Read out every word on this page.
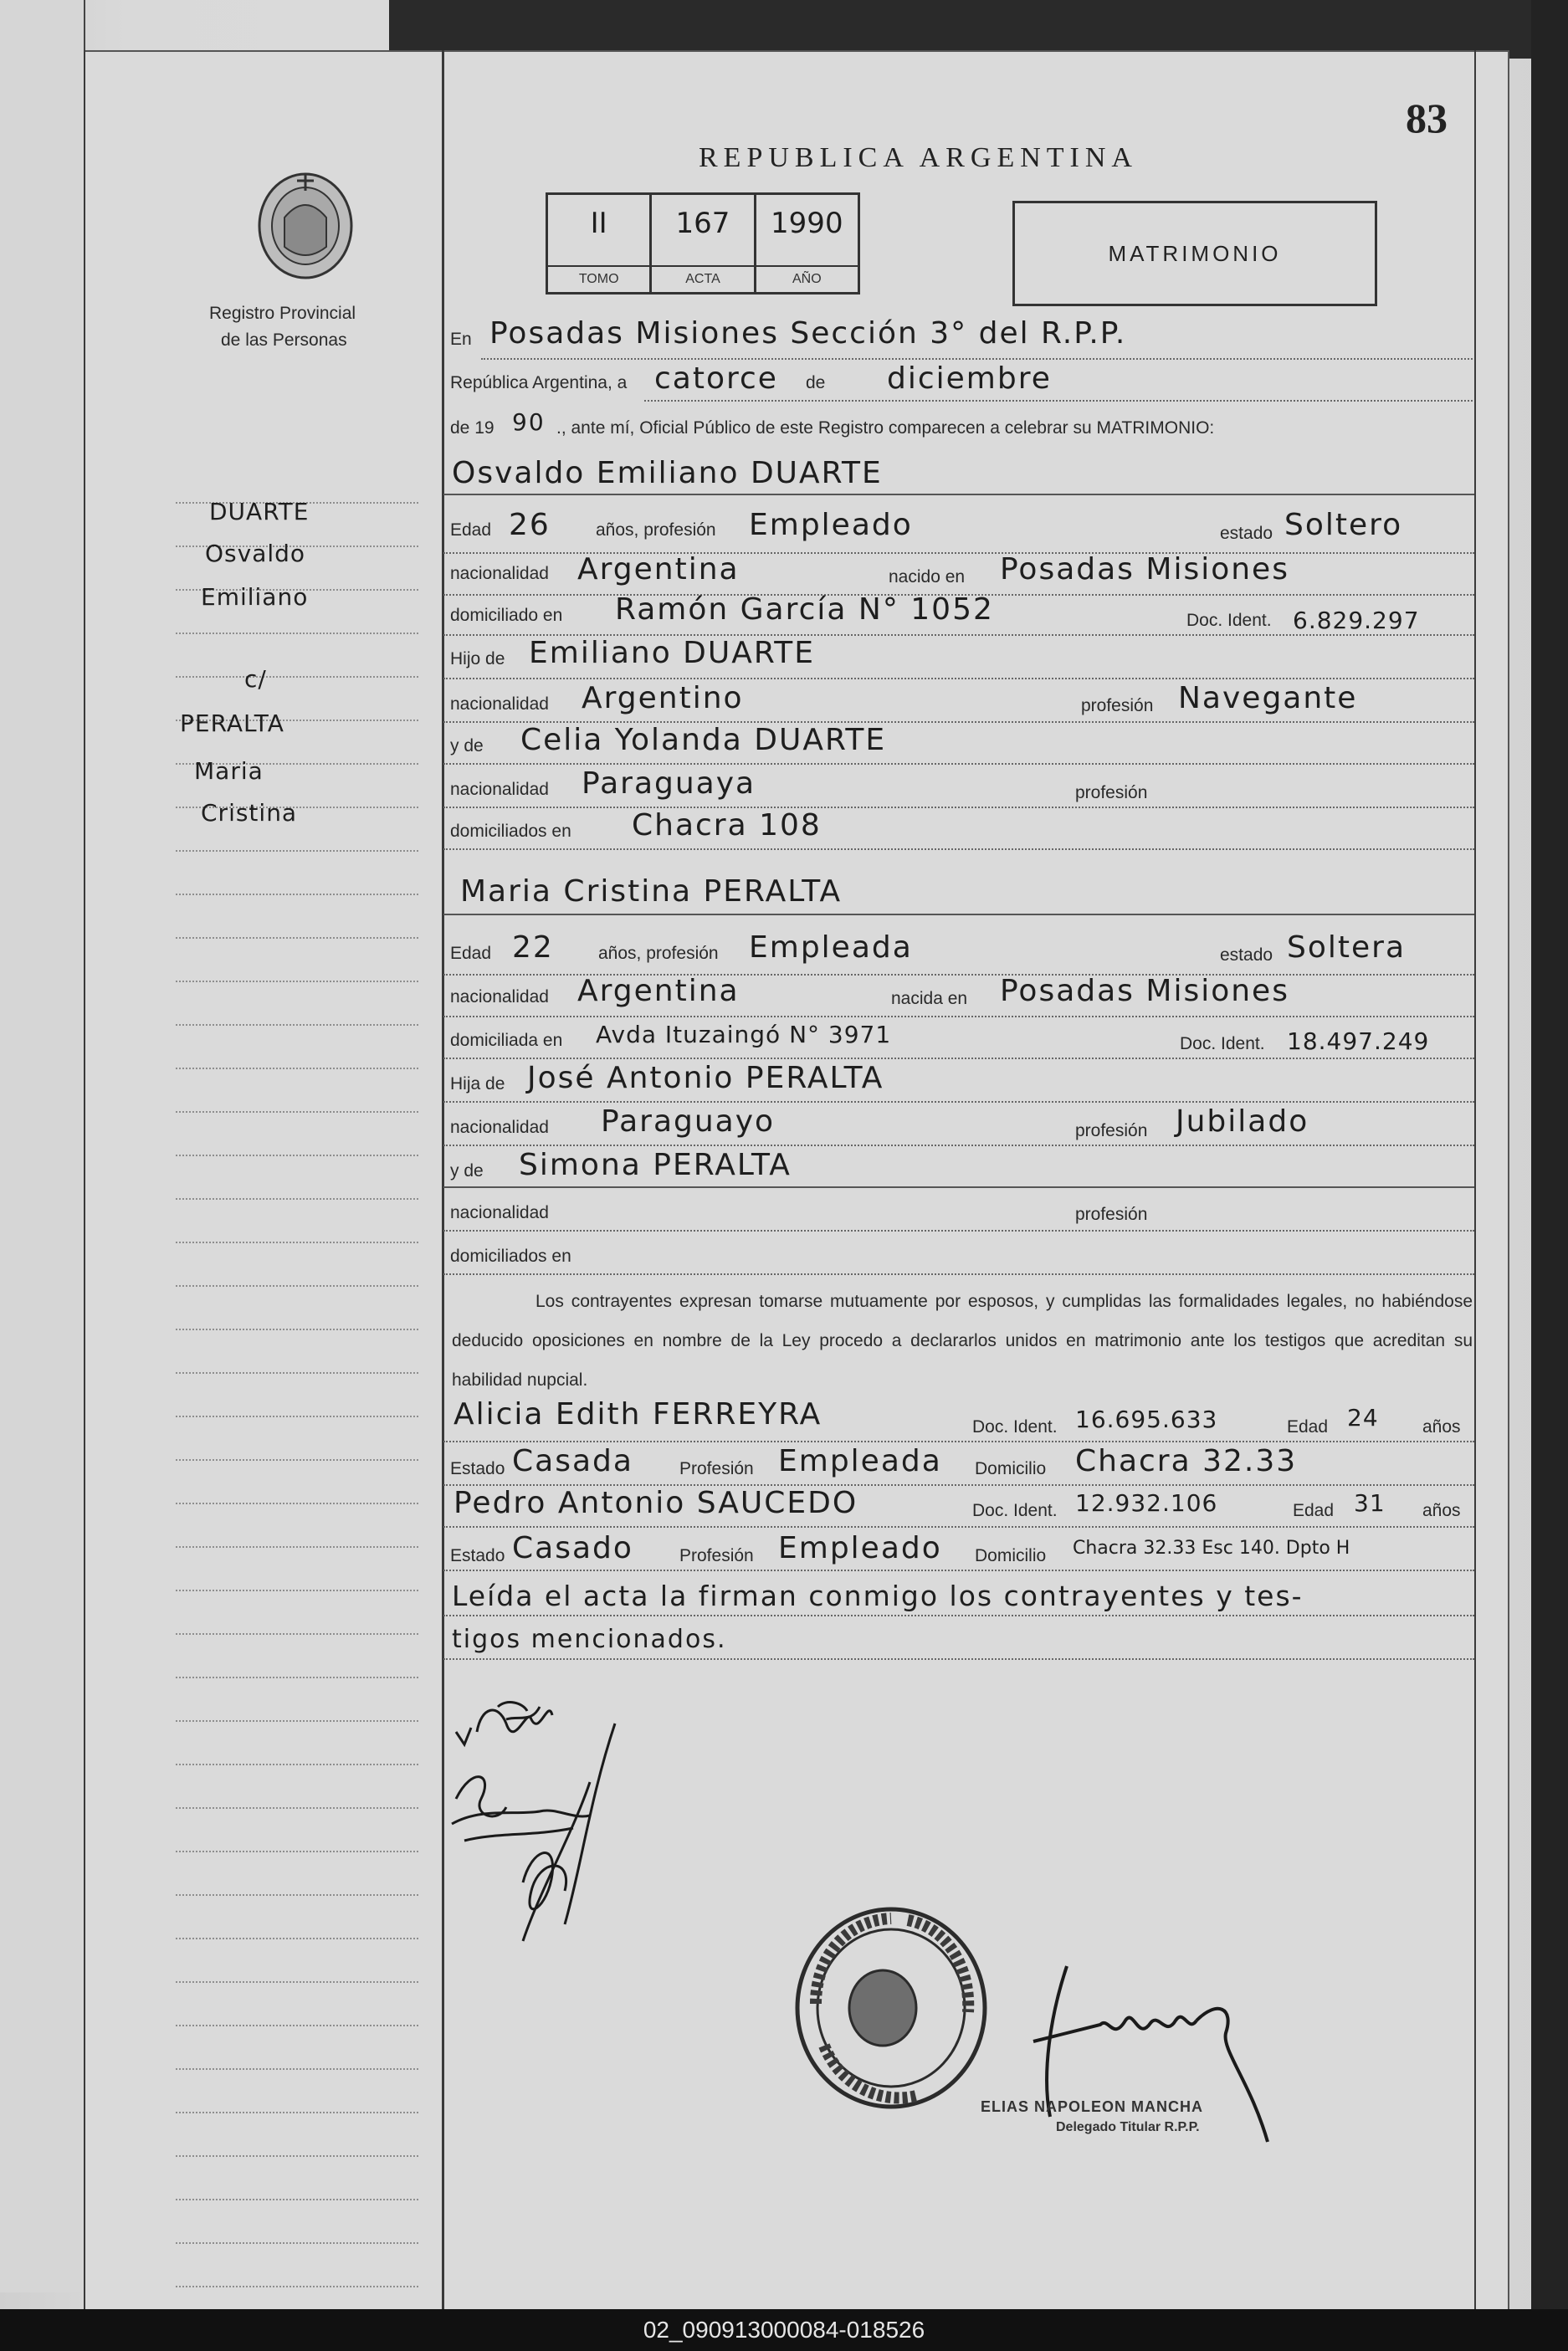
83
Registro Provincial
de las Personas
REPUBLICA ARGENTINA
II
TOMO
167
ACTA
1990
AÑO
MATRIMONIO
DUARTE
Osvaldo
Emiliano
c/
PERALTA
Maria
Cristina
En Posadas Misiones Sección 3° del R.P.P.
República Argentina, a catorce de diciembre
de 19 90 ., ante mí, Oficial Público de este Registro comparecen a celebrar su MATRIMONIO:
Osvaldo Emiliano DUARTE
Edad 26	años, profesión Empleado	estado Soltero
nacionalidad Argentina	nacido en Posadas Misiones
domiciliado en Ramón García N° 1052	Doc. Ident. 6.829.297
Hijo de Emiliano DUARTE
nacionalidad Argentino	profesión Navegante
y de Celia Yolanda DUARTE
nacionalidad Paraguaya	profesión
domiciliados en Chacra 108
Maria Cristina PERALTA
Edad 22	años, profesión Empleada	estado Soltera
nacionalidad Argentina	nacida en Posadas Misiones
domiciliada en Avda Ituzaingó N° 3971	Doc. Ident. 18.497.249
Hija de José Antonio PERALTA
nacionalidad Paraguayo	profesión Jubilado
y de Simona PERALTA
nacionalidad	profesión
domiciliados en
Los contrayentes expresan tomarse mutuamente por esposos, y cumplidas las formalidades legales, no habiéndose deducido oposiciones en nombre de la Ley procedo a declararlos unidos en matrimonio ante los testigos que acreditan su habilidad nupcial.
Alicia Edith FERREYRA	Doc. Ident. 16.695.633	Edad 24 años
Estado Casada	Profesión Empleada Domicilio Chacra 32.33
Pedro Antonio SAUCEDO	Doc. Ident. 12.932.106	Edad 31 años
Estado Casado	Profesión Empleado Domicilio Chacra 32.33 Esc 140. Dpto H
Leída el acta la firman conmigo los contrayentes y tes-
tigos mencionados.
ELIAS NAPOLEON MANCHA
Delegado Titular R.P.P.
02_090913000084-018526
